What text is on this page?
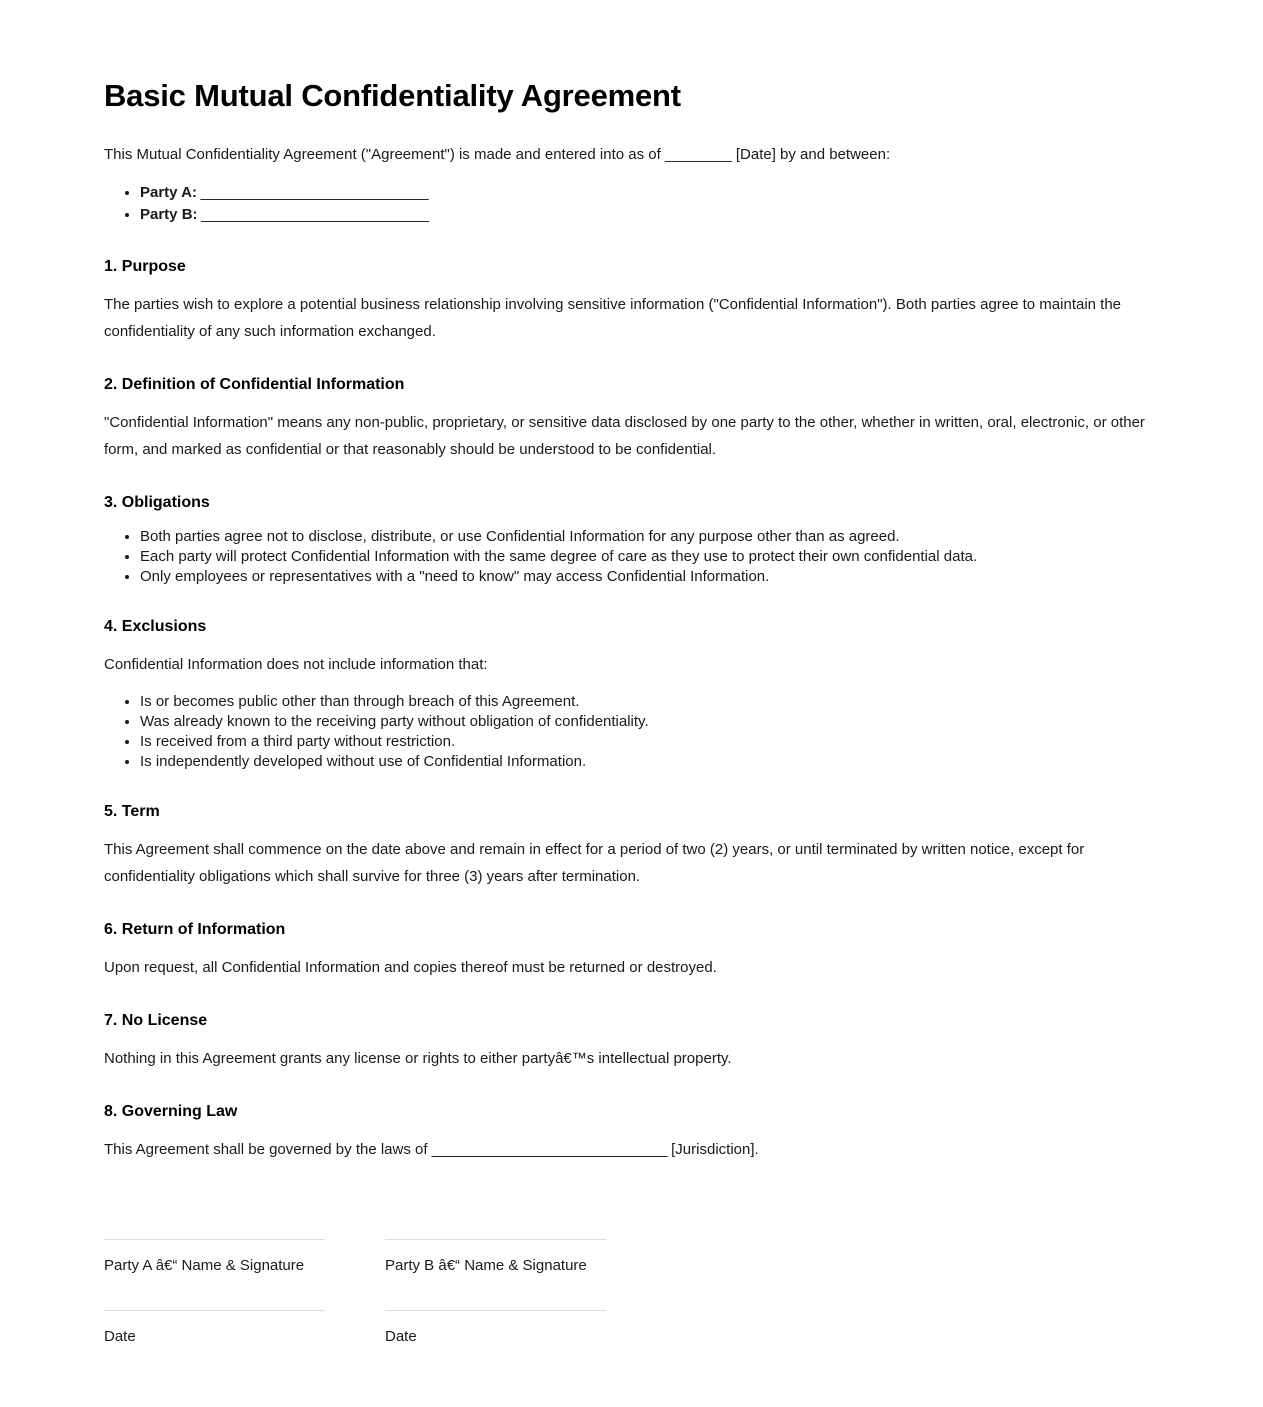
Basic Mutual Confidentiality Agreement

This Mutual Confidentiality Agreement ("Agreement") is made and entered into as of ________ [Date] by and between:

• Party A: _____________________________
• Party B: _____________________________
1. Purpose

The parties wish to explore a potential business relationship involving sensitive information ("Confidential Information"). Both parties agree to maintain the confidentiality of any such information exchanged.

2. Definition of Confidential Information

"Confidential Information" means any non-public, proprietary, or sensitive data disclosed by one party to the other, whether in written, oral, electronic, or other form, and marked as confidential or that reasonably should be understood to be confidential.

3. Obligations
• Both parties agree not to disclose, distribute, or use Confidential Information for any purpose other than as agreed.
• Each party will protect Confidential Information with the same degree of care as they use to protect their own confidential data.
• Only employees or representatives with a "need to know" may access Confidential Information.
4. Exclusions

Confidential Information does not include information that:

• Is or becomes public other than through breach of this Agreement.
• Was already known to the receiving party without obligation of confidentiality.
• Is received from a third party without restriction.
• Is independently developed without use of Confidential Information.
5. Term

This Agreement shall commence on the date above and remain in effect for a period of two (2) years, or until terminated by written notice, except for confidentiality obligations which shall survive for three (3) years after termination.

6. Return of Information

Upon request, all Confidential Information and copies thereof must be returned or destroyed.

7. No License

Nothing in this Agreement grants any license or rights to either partyâ€™s intellectual property.

8. Governing Law

This Agreement shall be governed by the laws of ______________________________ [Jurisdiction].

Party A â€“ Name & Signature	Party B â€“ Name & Signature
Date	Date
